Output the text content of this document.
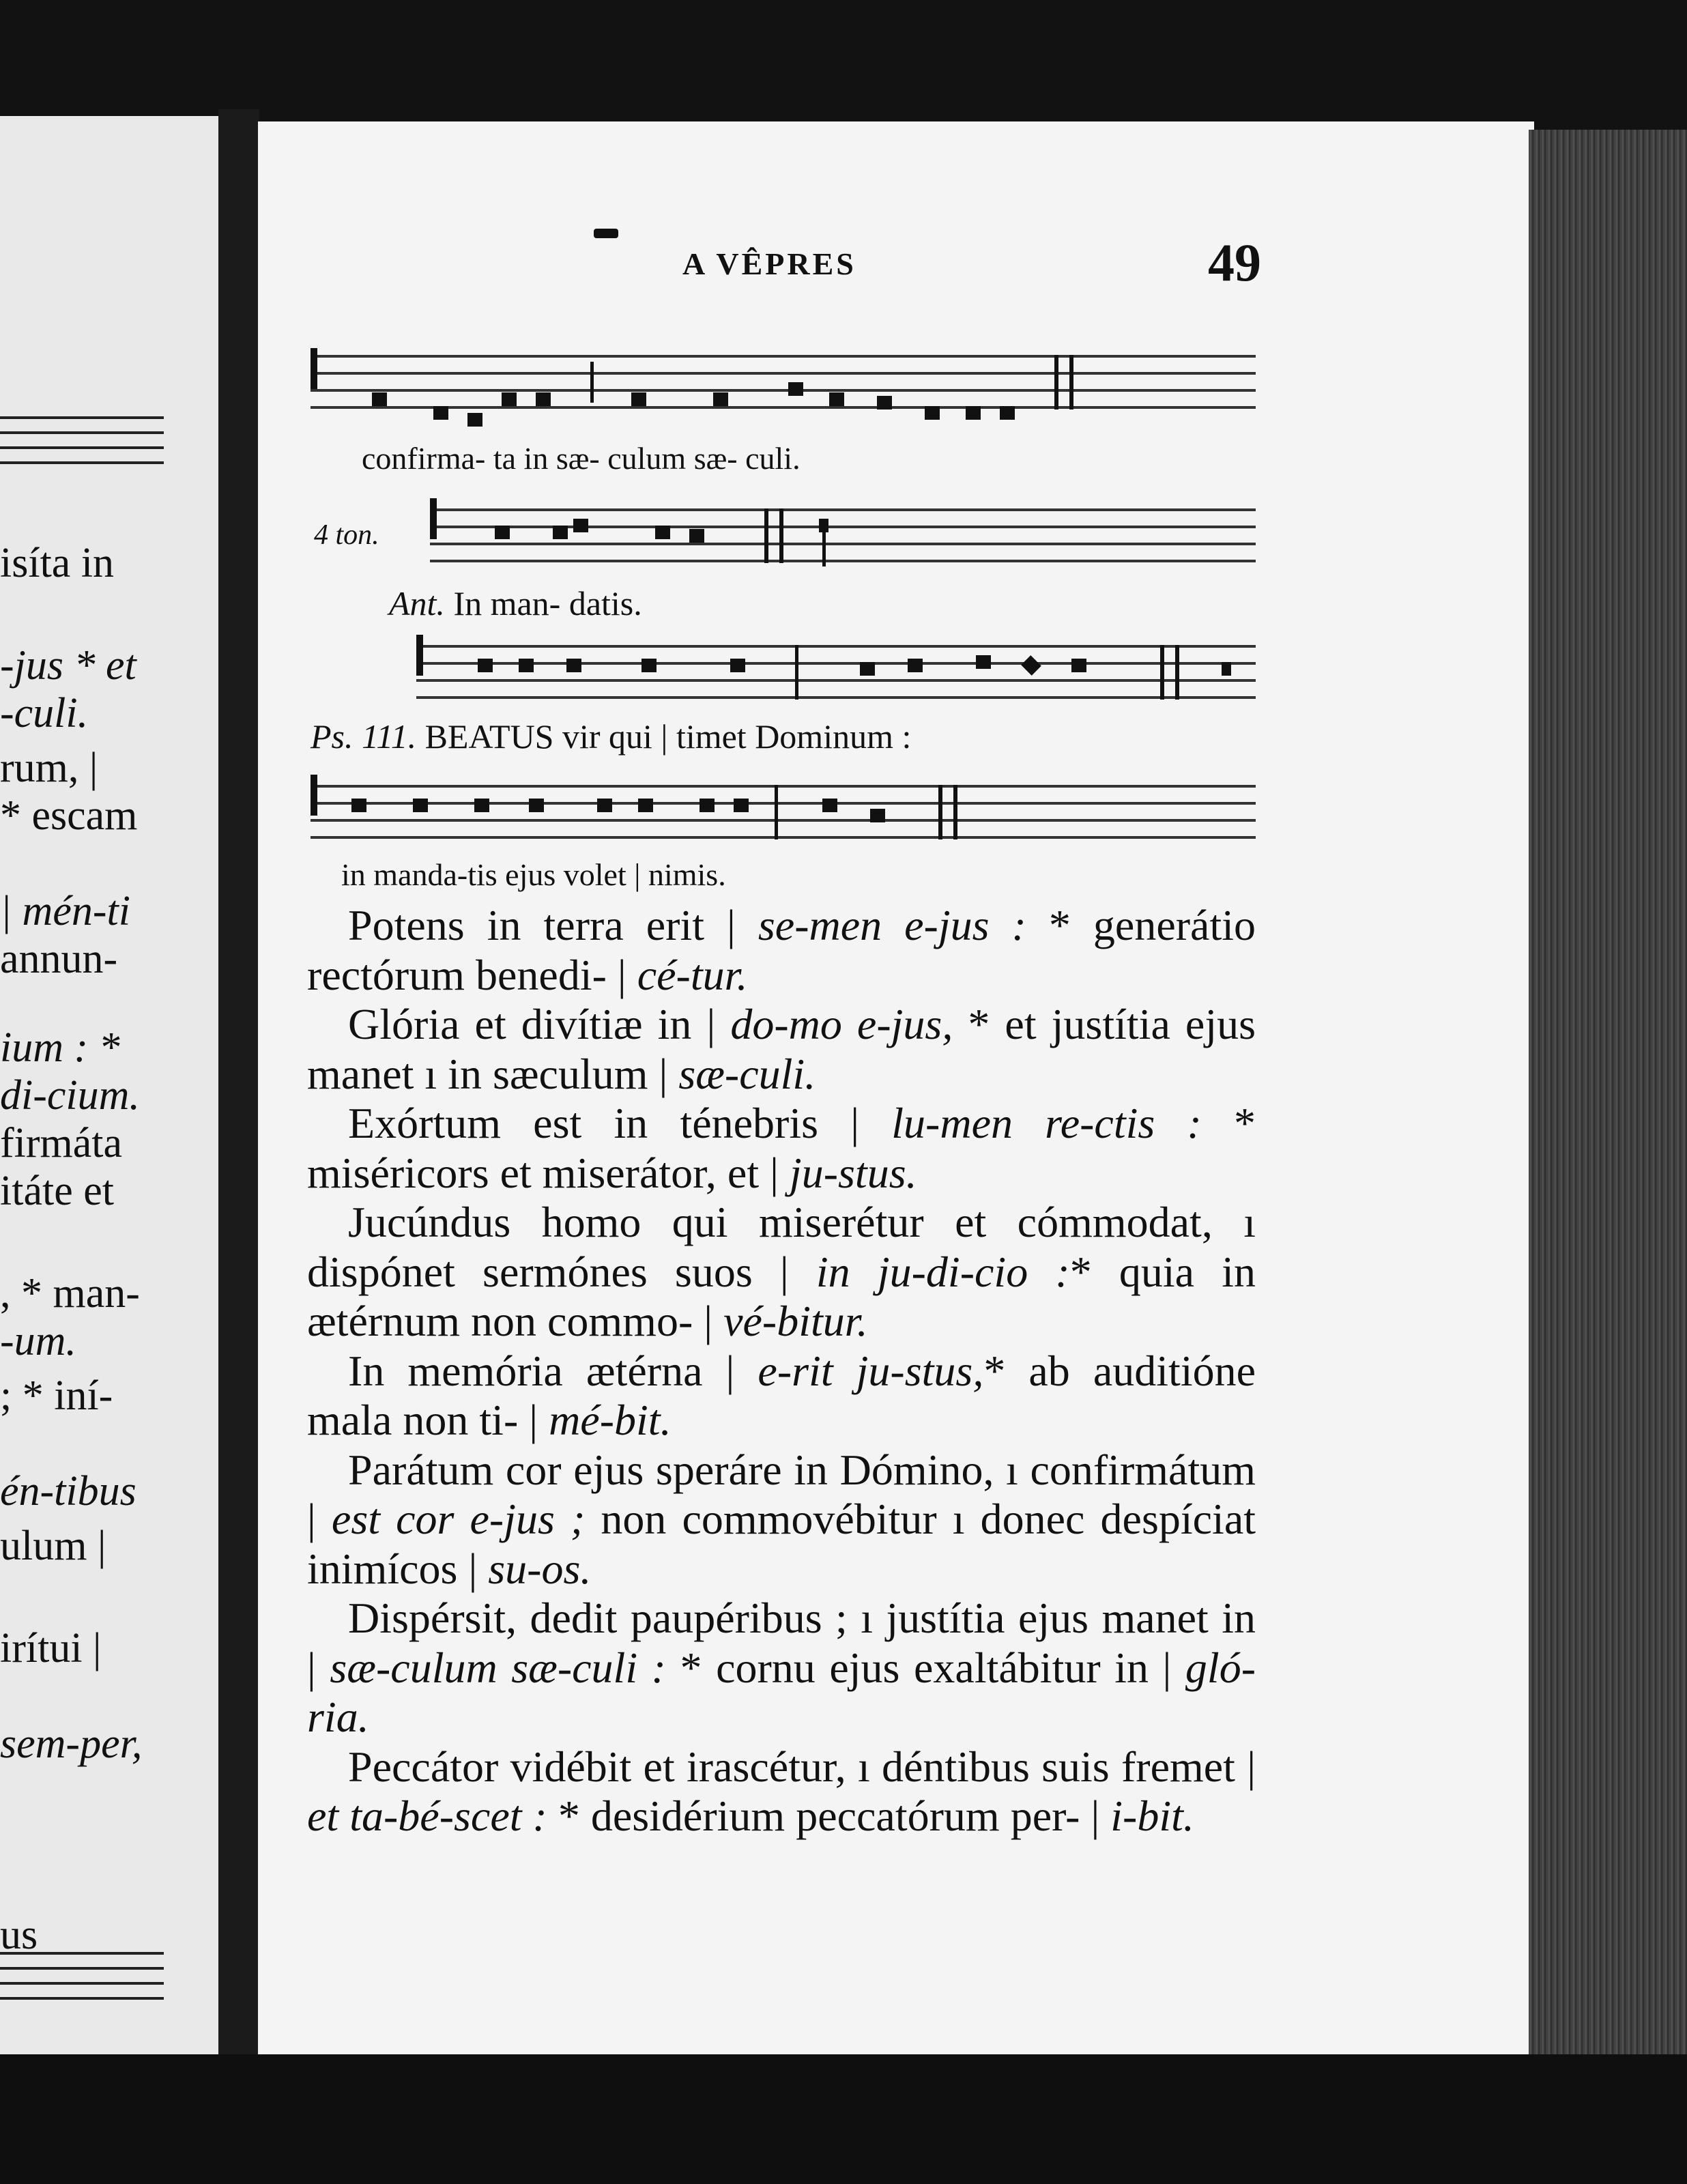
isíta in
-jus * et
-culi.
rum, |
* escam
| mén-ti
annun-
ium : *
di-cium.
firmáta
itáte et
, * man-
-um.
; * iní-
én-tibus
ulum |
irítui |
sem-per,
us
A VÊPRES	49
confirma- ta in sæ- culum sæ- culi.
4 ton.
Ant. In man- datis.
Ps. 111. BEATUS vir qui | timet Dominum :
in manda-tis ejus volet | nimis.

Potens in terra erit | se-men e-jus : * generátio rectórum benedi- | cé-tur.

Glória et divítiæ in | do-mo e-jus, * et justítia ejus manet ı in sæculum | sæ-culi.

Exórtum est in ténebris | lu-men re-ctis : * miséricors et miserátor, et | ju-stus.

Jucúndus homo qui miserétur et cómmodat, ı dispónet sermónes suos | in ju-di-cio :* quia in ætérnum non commo- | vé-bitur.

In memória ætérna | e-rit ju-stus,* ab auditióne mala non ti- | mé-bit.

Parátum cor ejus speráre in Dómino, ı confirmátum | est cor e-jus ; non commovébitur ı donec despíciat inimícos | su-os.

Dispérsit, dedit paupéribus ; ı justítia ejus manet in | sæ-culum sæ-culi : * cornu ejus exaltábitur in | gló-ria.

Peccátor vidébit et irascétur, ı déntibus suis fremet | et ta-bé-scet : * desidérium peccatórum per- | i-bit.
